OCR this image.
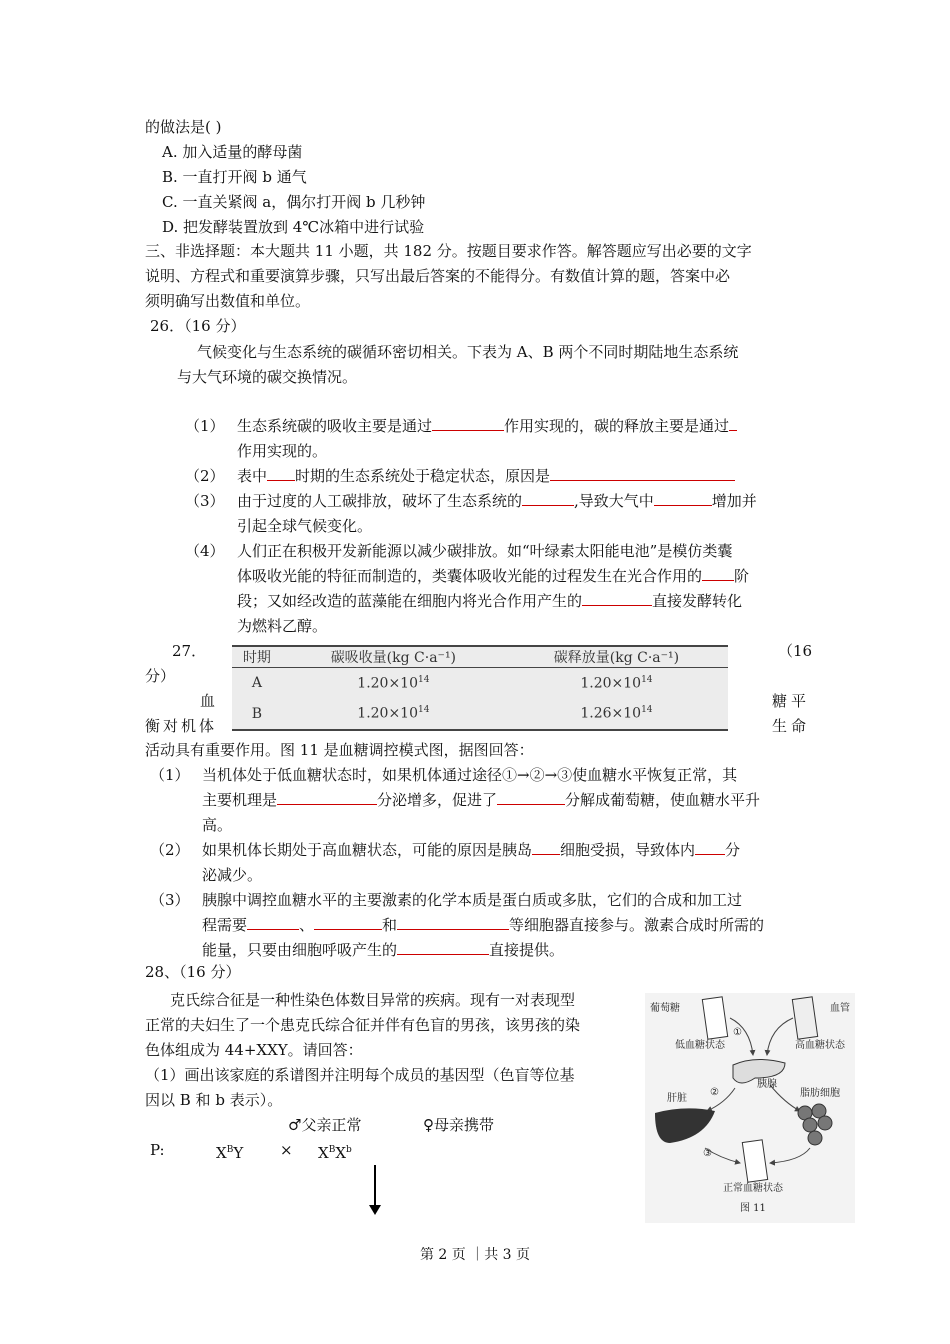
的做法是( )
A. 加入适量的酵母菌
B. 一直打开阀 b 通气
C. 一直关紧阀 a，偶尔打开阀 b 几秒钟
D. 把发酵装置放到 4℃冰箱中进行试验
三、非选择题：本大题共 11 小题，共 182 分。按题目要求作答。解答题应写出必要的文字
说明、方程式和重要演算步骤，只写出最后答案的不能得分。有数值计算的题，答案中必
须明确写出数值和单位。
26．（16 分）
气候变化与生态系统的碳循环密切相关。下表为 A、B 两个不同时期陆地生态系统
与大气环境的碳交换情况。
（1） 生态系统碳的吸收主要是通过	作用实现的，碳的释放主要是通过
作用实现的。
（2） 表中 时期的生态系统处于稳定状态，原因是
（3） 由于过度的人工碳排放，破坏了生态系统的	,导致大气中	增加并
引起全球气候变化。
（4） 人们正在积极开发新能源以减少碳排放。如“叶绿素太阳能电池”是模仿类囊
体吸收光能的特征而制造的，类囊体吸收光能的过程发生在光合作用的 阶
段；又如经改造的蓝藻能在细胞内将光合作用产生的	直接发酵转化
为燃料乙醇。
27．	（16
分）
血	糖平
衡对机体	生命
时期	碳吸收量(kg C·a⁻¹)	碳释放量(kg C·a⁻¹)
A	$1.20\times 10^{14}$	$1.20\times 10^{14}$
B	$1.20\times 10^{14}$	$1.26\times 10^{14}$
活动具有重要作用。图 11 是血糖调控模式图，据图回答：
（1） 当机体处于低血糖状态时，如果机体通过途径①→②→③使血糖水平恢复正常，其
主要机理是	分泌增多，促进了	分解成葡萄糖，使血糖水平升
高。
（2） 如果机体长期处于高血糖状态，可能的原因是胰岛 细胞受损，导致体内 分
泌减少。
（3） 胰腺中调控血糖水平的主要激素的化学本质是蛋白质或多肽，它们的合成和加工过
程需要	、	和	等细胞器直接参与。激素合成时所需的
能量，只要由细胞呼吸产生的	直接提供。
28、（16 分）
克氏综合征是一种性染色体数目异常的疾病。现有一对表现型
正常的夫妇生了一个患克氏综合征并伴有色盲的男孩，该男孩的染
色体组成为 44+XXY。请回答：
（1）画出该家庭的系谱图并注明每个成员的基因型（色盲等位基
因以 B 和 b 表示）。
♂父亲正常	♀母亲携带
P:	$X^BY \times X^BX^b$
葡萄糖	血管
低血糖状态	高血糖状态
胰腺
肝脏	脂肪细胞
正常血糖状态
①
②
③
图 11
第 2 页 ｜共 3 页
